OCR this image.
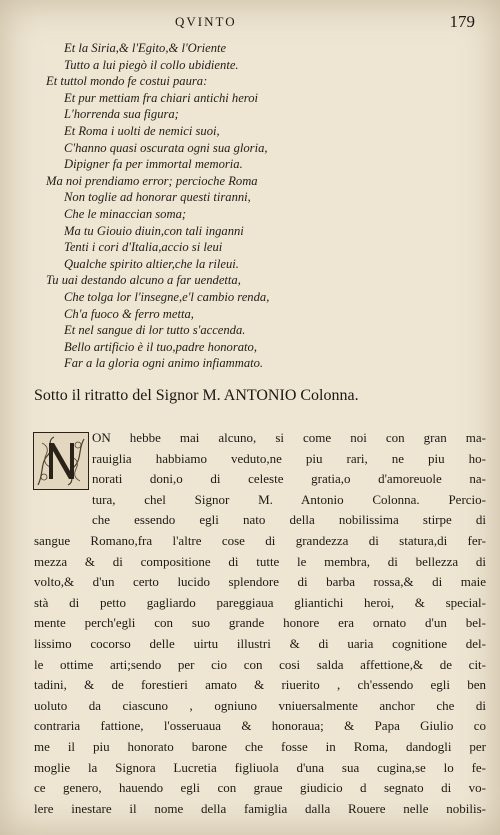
QVINTO	179
Et la Siria,& l'Egito,& l'Oriente
Tutto a lui piegò il collo ubidiente.
Et tuttol mondo fe costui paura:
Et pur mettiam fra chiari antichi heroi
L'horrenda sua figura;
Et Roma i uolti de nemici suoi,
C'hanno quasi oscurata ogni sua gloria,
Dipigner fa per immortal memoria.
Ma noi prendiamo error; percioche Roma
Non toglie ad honorar questi tiranni,
Che le minaccian soma;
Ma tu Giouio diuin,con tali inganni
Tenti i cori d'Italia,accio si leui
Qualche spirito altier,che la rileui.
Tu uai destando alcuno a far uendetta,
Che tolga lor l'insegne,e'l cambio renda,
Ch'a fuoco & ferro metta,
Et nel sangue di lor tutto s'accenda.
Bello artificio è il tuo,padre honorato,
Far a la gloria ogni animo infiammato.
Sotto il ritratto del Signor M. ANTONIO Colonna.
ON hebbe mai alcuno, si come noi con gran ma-
rauiglia habbiamo veduto,ne piu rari, ne piu ho-
norati doni,o di celeste gratia,o d'amoreuole na-
tura, chel Signor M. Antonio Colonna. Percio-
che essendo egli nato della nobilissima stirpe di
sangue Romano,fra l'altre cose di grandezza di statura,di fer-
mezza & di compositione di tutte le membra, di bellezza di
volto,& d'un certo lucido splendore di barba rossa,& di maie
stà di petto gagliardo pareggiaua gliantichi heroi, & special-
mente perch'egli con suo grande honore era ornato d'un bel-
lissimo cocorso delle uirtu illustri & di uaria cognitione del-
le ottime arti;sendo per cio con cosi salda affettione,& de cit-
tadini, & de forestieri amato & riuerito , ch'essendo egli ben
uoluto da ciascuno , ogniuno vniuersalmente anchor che di
contraria fattione, l'osseruaua & honoraua; & Papa Giulio co
me il piu honorato barone che fosse in Roma, dandogli per
moglie la Signora Lucretia figliuola d'una sua cugina,se lo fe-
ce genero, hauendo egli con graue giudicio d segnato di vo-
lere inestare il nome della famiglia dalla Rouere nelle nobilis-
